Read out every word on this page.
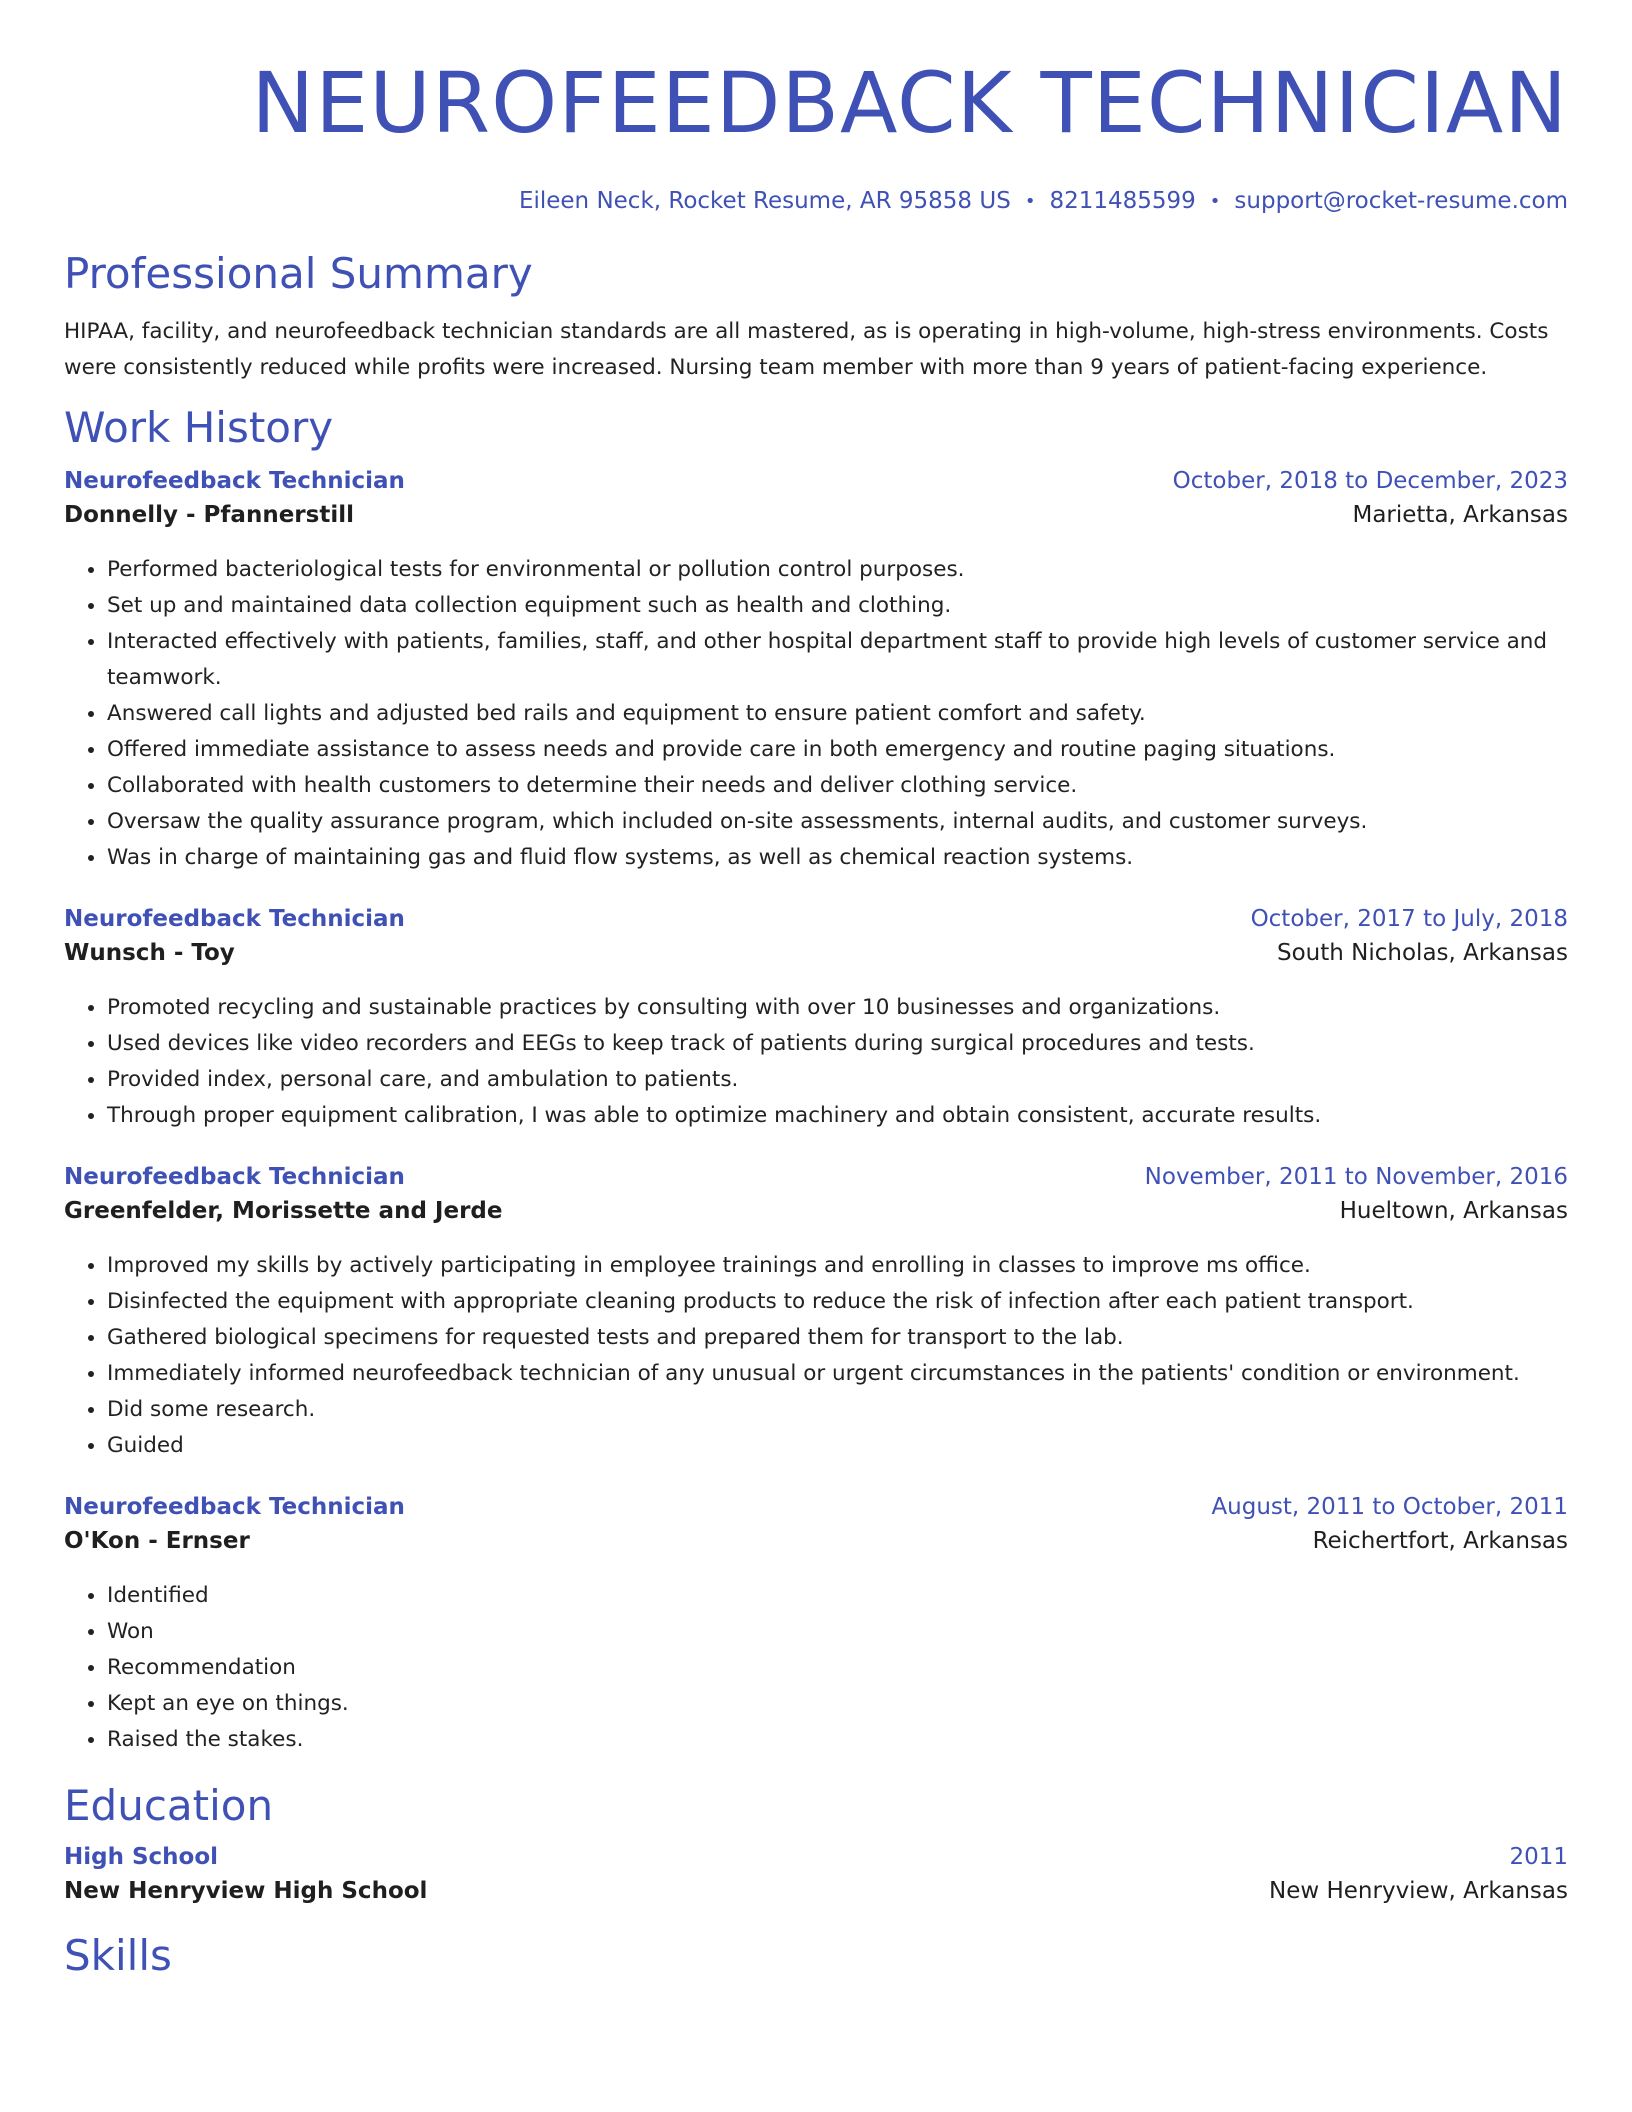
NEUROFEEDBACK TECHNICIAN
Eileen Neck, Rocket Resume, AR 95858 US • 8211485599 • support@rocket-resume.com
Professional Summary

HIPAA, facility, and neurofeedback technician standards are all mastered, as is operating in high-volume, high-stress environments. Costs were consistently reduced while profits were increased. Nursing team member with more than 9 years of patient-facing experience.

Work History
Neurofeedback Technician	October, 2018 to December, 2023
Donnelly - Pfannerstill	Marietta, Arkansas
• Performed bacteriological tests for environmental or pollution control purposes.
• Set up and maintained data collection equipment such as health and clothing.
• Interacted effectively with patients, families, staff, and other hospital department staff to provide high levels of customer service and teamwork.
• Answered call lights and adjusted bed rails and equipment to ensure patient comfort and safety.
• Offered immediate assistance to assess needs and provide care in both emergency and routine paging situations.
• Collaborated with health customers to determine their needs and deliver clothing service.
• Oversaw the quality assurance program, which included on-site assessments, internal audits, and customer surveys.
• Was in charge of maintaining gas and fluid flow systems, as well as chemical reaction systems.
Neurofeedback Technician	October, 2017 to July, 2018
Wunsch - Toy	South Nicholas, Arkansas
• Promoted recycling and sustainable practices by consulting with over 10 businesses and organizations.
• Used devices like video recorders and EEGs to keep track of patients during surgical procedures and tests.
• Provided index, personal care, and ambulation to patients.
• Through proper equipment calibration, I was able to optimize machinery and obtain consistent, accurate results.
Neurofeedback Technician	November, 2011 to November, 2016
Greenfelder, Morissette and Jerde	Hueltown, Arkansas
• Improved my skills by actively participating in employee trainings and enrolling in classes to improve ms office.
• Disinfected the equipment with appropriate cleaning products to reduce the risk of infection after each patient transport.
• Gathered biological specimens for requested tests and prepared them for transport to the lab.
• Immediately informed neurofeedback technician of any unusual or urgent circumstances in the patients' condition or environment.
• Did some research.
• Guided
Neurofeedback Technician	August, 2011 to October, 2011
O'Kon - Ernser	Reichertfort, Arkansas
• Identified
• Won
• Recommendation
• Kept an eye on things.
• Raised the stakes.
Education
High School	2011
New Henryview High School	New Henryview, Arkansas
Skills
